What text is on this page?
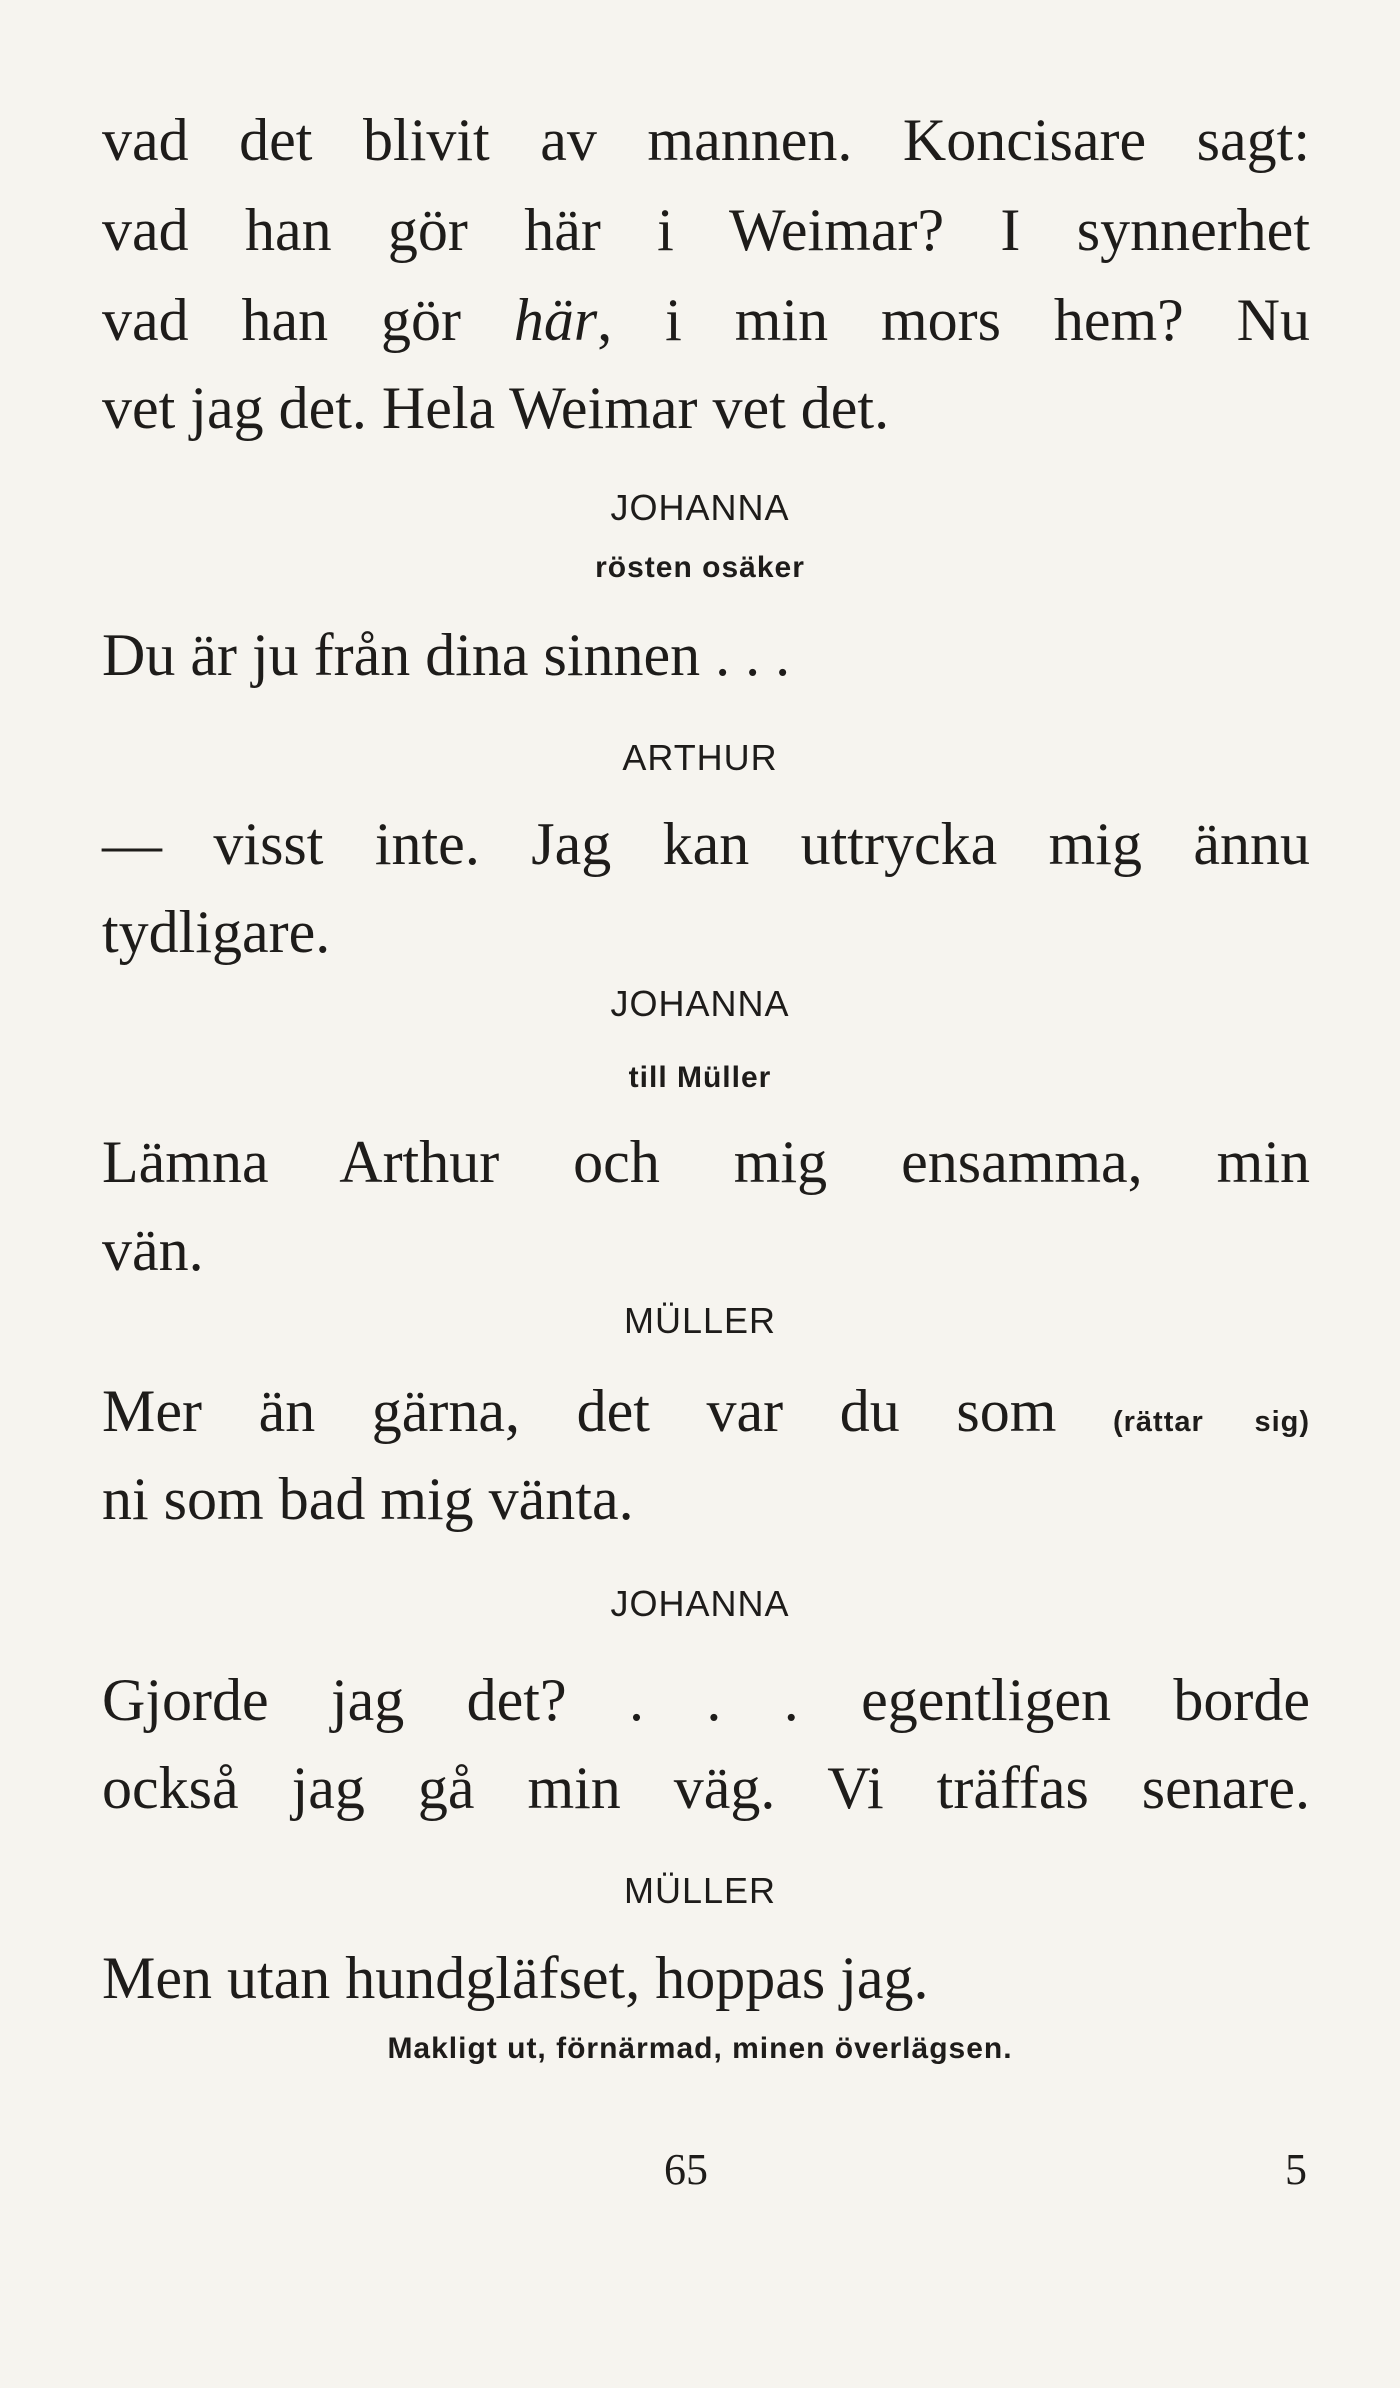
vad det blivit av mannen. Koncisare sagt:
vad han gör här i Weimar? I synnerhet
vad han gör här, i min mors hem? Nu
vet jag det. Hela Weimar vet det.
JOHANNA
rösten osäker
Du är ju från dina sinnen . . .
ARTHUR
— visst inte. Jag kan uttrycka mig ännu
tydligare.
JOHANNA
till Müller
Lämna Arthur och mig ensamma, min
vän.
MÜLLER
Mer än gärna, det var du som (rättar sig)
ni som bad mig vänta.
JOHANNA
Gjorde jag det? . . . egentligen borde
också jag gå min väg. Vi träffas senare.
MÜLLER
Men utan hundgläfset, hoppas jag.
Makligt ut, förnärmad, minen överlägsen.
65	5
